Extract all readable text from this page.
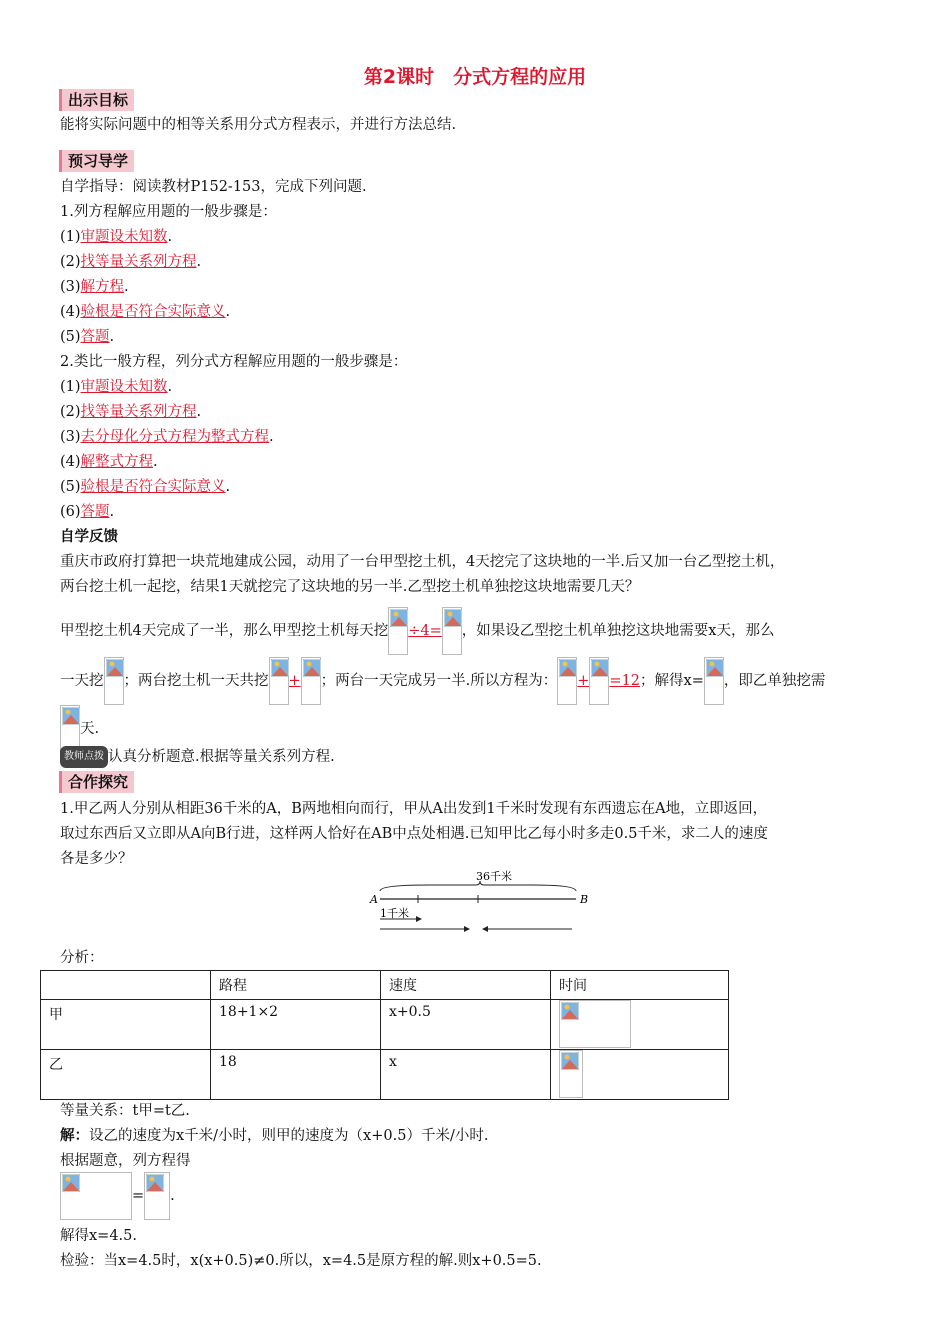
第2课时　分式方程的应用
出示目标
能将实际问题中的相等关系用分式方程表示，并进行方法总结.
预习导学
自学指导：阅读教材P152-153，完成下列问题.
1.列方程解应用题的一般步骤是：
(1)审题设未知数.
(2)找等量关系列方程.
(3)解方程.
(4)验根是否符合实际意义.
(5)答题.
2.类比一般方程，列分式方程解应用题的一般步骤是：
(1)审题设未知数.
(2)找等量关系列方程.
(3)去分母化分式方程为整式方程.
(4)解整式方程.
(5)验根是否符合实际意义.
(6)答题.
自学反馈
重庆市政府打算把一块荒地建成公园，动用了一台甲型挖土机，4天挖完了这块地的一半.后又加一台乙型挖土机，
两台挖土机一起挖，结果1天就挖完了这块地的另一半.乙型挖土机单独挖这块地需要几天？
甲型挖土机4天完成了一半，那么甲型挖土机每天挖 ÷4= ，如果设乙型挖土机单独挖这块地需要x天，那么
一天挖 ；两台挖土机一天共挖 + ；两台一天完成另一半.所以方程为： + =12；解得x= ，即乙单独挖需
天.
教师点拨 认真分析题意.根据等量关系列方程.
合作探究
1.甲乙两人分别从相距36千米的A，B两地相向而行，甲从A出发到1千米时发现有东西遗忘在A地，立即返回，
取过东西后又立即从A向B行进，这样两人恰好在AB中点处相遇.已知甲比乙每小时多走0.5千米，求二人的速度
各是多少？
36千米
A	B
1千米
分析：
	路程	速度	时间
甲	18+1×2	x+0.5	

乙	18	x	
等量关系：t甲=t乙.
解：设乙的速度为x千米/小时，则甲的速度为（x+0.5）千米/小时.
根据题意，列方程得
= .
解得x=4.5.
检验：当x=4.5时，x(x+0.5)≠0.所以，x=4.5是原方程的解.则x+0.5=5.
